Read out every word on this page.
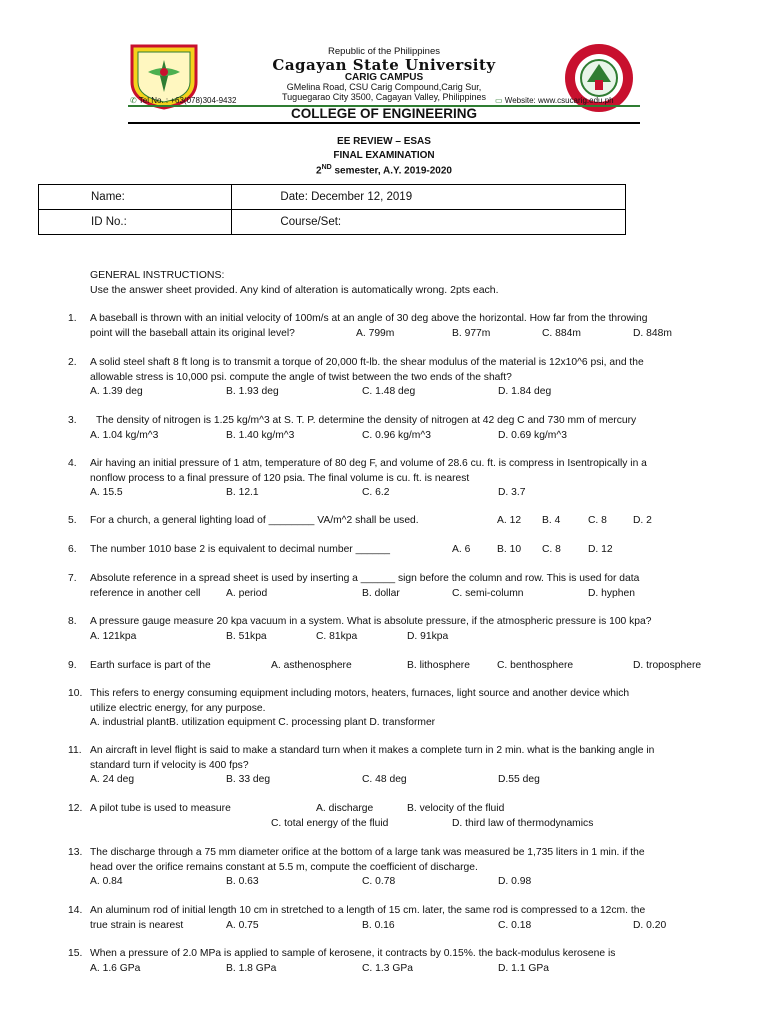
Republic of the Philippines
Cagayan State University
CARIG CAMPUS
GMelina Road, CSU Carig Compound,Carig Sur,
Tuguegarao City 3500, Cagayan Valley, Philippines
✆ Tel No. : +63(078)304-9432	▭ Website: www.csucarig.edu.ph
COLLEGE OF ENGINEERING
EE REVIEW – ESAS
FINAL EXAMINATION
2ND semester, A.Y. 2019-2020
Name:	Date: December 12, 2019
ID No.:	Course/Set:
GENERAL INSTRUCTIONS:
Use the answer sheet provided. Any kind of alteration is automatically wrong. 2pts each.
1. A baseball is thrown with an initial velocity of 100m/s at an angle of 30 deg above the horizontal. How far from the throwing
point will the baseball attain its original level?	A. 799m	B. 977m	C. 884m	D. 848m
2. A solid steel shaft 8 ft long is to transmit a torque of 20,000 ft-lb. the shear modulus of the material is 12x10^6 psi, and the
allowable stress is 10,000 psi. compute the angle of twist between the two ends of the shaft?
A. 1.39 deg	B. 1.93 deg	C. 1.48 deg	D. 1.84 deg
3.	The density of nitrogen is 1.25 kg/m^3 at S. T. P. determine the density of nitrogen at 42 deg C and 730 mm of mercury
A. 1.04 kg/m^3	B. 1.40 kg/m^3	C. 0.96 kg/m^3	D. 0.69 kg/m^3
4. Air having an initial pressure of 1 atm, temperature of 80 deg F, and volume of 28.6 cu. ft. is compress in Isentropically in a
nonflow process to a final pressure of 120 psia. The final volume is cu. ft. is nearest
A. 15.5	B. 12.1	C. 6.2	D. 3.7
5. For a church, a general lighting load of ________ VA/m^2 shall be used.	A. 12 B. 4	C. 8	D. 2
6. The number 1010 base 2 is equivalent to decimal number ______	A. 6	B. 10 C. 8	D. 12
7. Absolute reference in a spread sheet is used by inserting a ______ sign before the column and row. This is used for data
reference in another cell A. period	B. dollar	C. semi-column	D. hyphen
8. A pressure gauge measure 20 kpa vacuum in a system. What is absolute pressure, if the atmospheric pressure is 100 kpa?
A. 121kpa	B. 51kpa	C. 81kpa	D. 91kpa
9. Earth surface is part of the	A. asthenosphere	B. lithosphere	C. benthosphere	D. troposphere
10. This refers to energy consuming equipment including motors, heaters, furnaces, light source and another device which
utilize electric energy, for any purpose.
A. industrial plantB. utilization equipment C. processing plant D. transformer
11. An aircraft in level flight is said to make a standard turn when it makes a complete turn in 2 min. what is the banking angle in
standard turn if velocity is 400 fps?
A. 24 deg	B. 33 deg	C. 48 deg	D.55 deg
12. A pilot tube is used to measure	A. discharge	B. velocity of the fluid
C. total energy of the fluid	D. third law of thermodynamics
13. The discharge through a 75 mm diameter orifice at the bottom of a large tank was measured be 1,735 liters in 1 min. if the
head over the orifice remains constant at 5.5 m, compute the coefficient of discharge.
A. 0.84	B. 0.63	C. 0.78	D. 0.98
14. An aluminum rod of initial length 10 cm in stretched to a length of 15 cm. later, the same rod is compressed to a 12cm. the
true strain is nearest	A. 0.75	B. 0.16	C. 0.18	D. 0.20
15. When a pressure of 2.0 MPa is applied to sample of kerosene, it contracts by 0.15%. the back-modulus kerosene is
A. 1.6 GPa	B. 1.8 GPa	C. 1.3 GPa	D. 1.1 GPa
